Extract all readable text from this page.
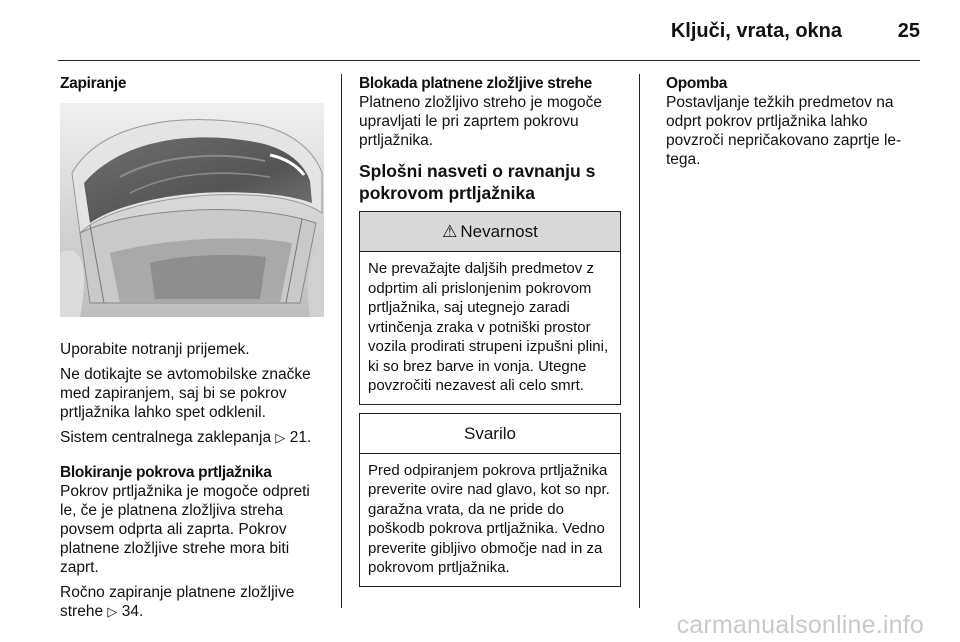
Ključi, vrata, okna	25
Zapiranje
Uporabite notranji prijemek.
Ne dotikajte se avtomobilske značke med zapiranjem, saj bi se pokrov prtljažnika lahko spet odklenil.
Sistem centralnega zaklepanja ▷ 21.
Blokiranje pokrova prtljažnika
Pokrov prtljažnika je mogoče odpreti le, če je platnena zložljiva streha povsem odprta ali zaprta. Pokrov platnene zložljive strehe mora biti zaprt.
Ročno zapiranje platnene zložljive strehe ▷ 34.
Blokada platnene zložljive strehe
Platneno zložljivo streho je mogoče upravljati le pri zaprtem pokrovu prtljažnika.
Splošni nasveti o ravnanju s pokrovom prtljažnika
⚠ Nevarnost
Ne prevažajte daljših predmetov z odprtim ali prislonjenim pokrovom prtljažnika, saj utegnejo zaradi vrtinčenja zraka v potniški prostor vozila prodirati strupeni izpušni plini, ki so brez barve in vonja. Utegne povzročiti nezavest ali celo smrt.
Svarilo
Pred odpiranjem pokrova prtljažnika preverite ovire nad glavo, kot so npr. garažna vrata, da ne pride do poškodb pokrova prtljažnika. Vedno preverite gibljivo območje nad in za pokrovom prtljažnika.
Opomba
Postavljanje težkih predmetov na odprt pokrov prtljažnika lahko povzroči nepričakovano zaprtje le-tega.
carmanualsonline.info
